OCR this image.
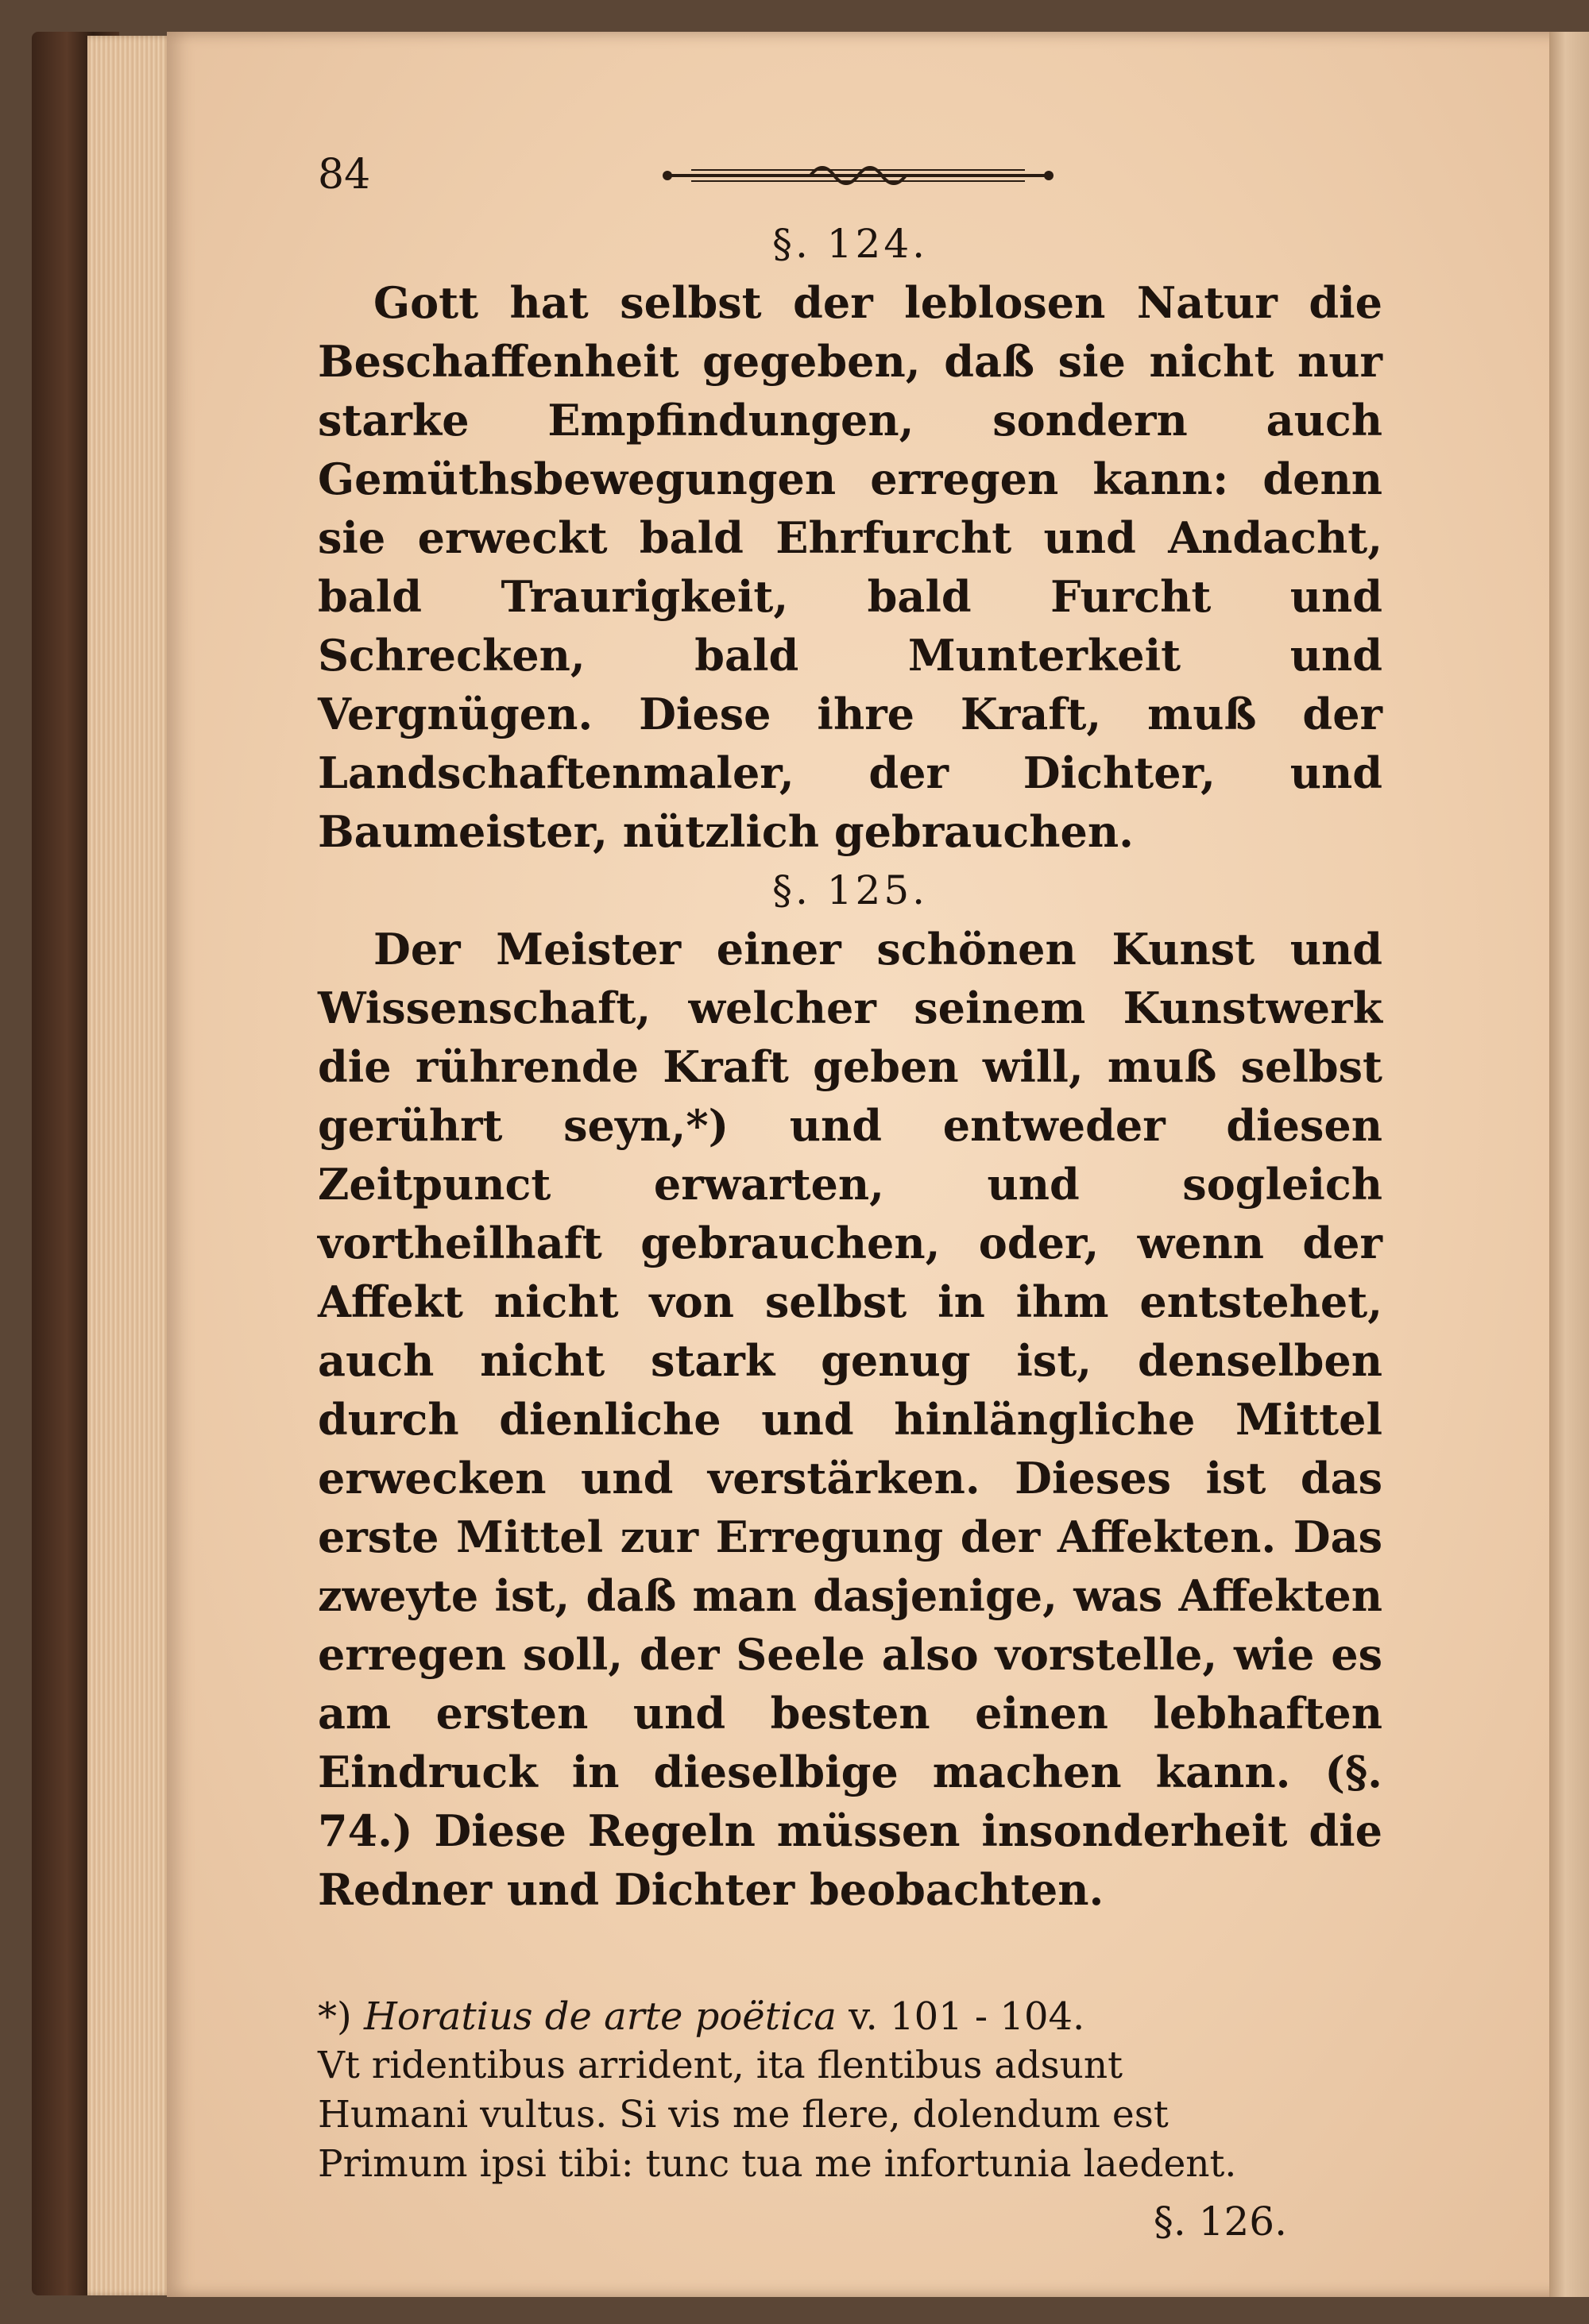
84

§. 124.

Gott hat selbst der leblosen Natur die Beschaffenheit gegeben, daß sie nicht nur starke Empfindungen, sondern auch Gemüthsbewegungen erregen kann: denn sie erweckt bald Ehrfurcht und Andacht, bald Traurigkeit, bald Furcht und Schrecken, bald Munterkeit und Vergnügen. Diese ihre Kraft, muß der Landschaftenmaler, der Dichter, und Baumeister, nützlich gebrauchen.

§. 125.

Der Meister einer schönen Kunst und Wissenschaft, welcher seinem Kunstwerk die rührende Kraft geben will, muß selbst gerührt seyn,*) und entweder diesen Zeitpunct erwarten, und sogleich vortheilhaft gebrauchen, oder, wenn der Affekt nicht von selbst in ihm entstehet, auch nicht stark genug ist, denselben durch dienliche und hinlängliche Mittel erwecken und verstärken. Dieses ist das erste Mittel zur Erregung der Affekten. Das zweyte ist, daß man dasjenige, was Affekten erregen soll, der Seele also vorstelle, wie es am ersten und besten einen lebhaften Eindruck in dieselbige machen kann. (§. 74.) Diese Regeln müssen insonderheit die Redner und Dichter beobachten.

*) Horatius de arte poëtica v. 101 - 104.
Vt ridentibus arrident, ita flentibus adsunt
Humani vultus. Si vis me flere, dolendum est
Primum ipsi tibi: tunc tua me infortunia laedent.
§. 126.
